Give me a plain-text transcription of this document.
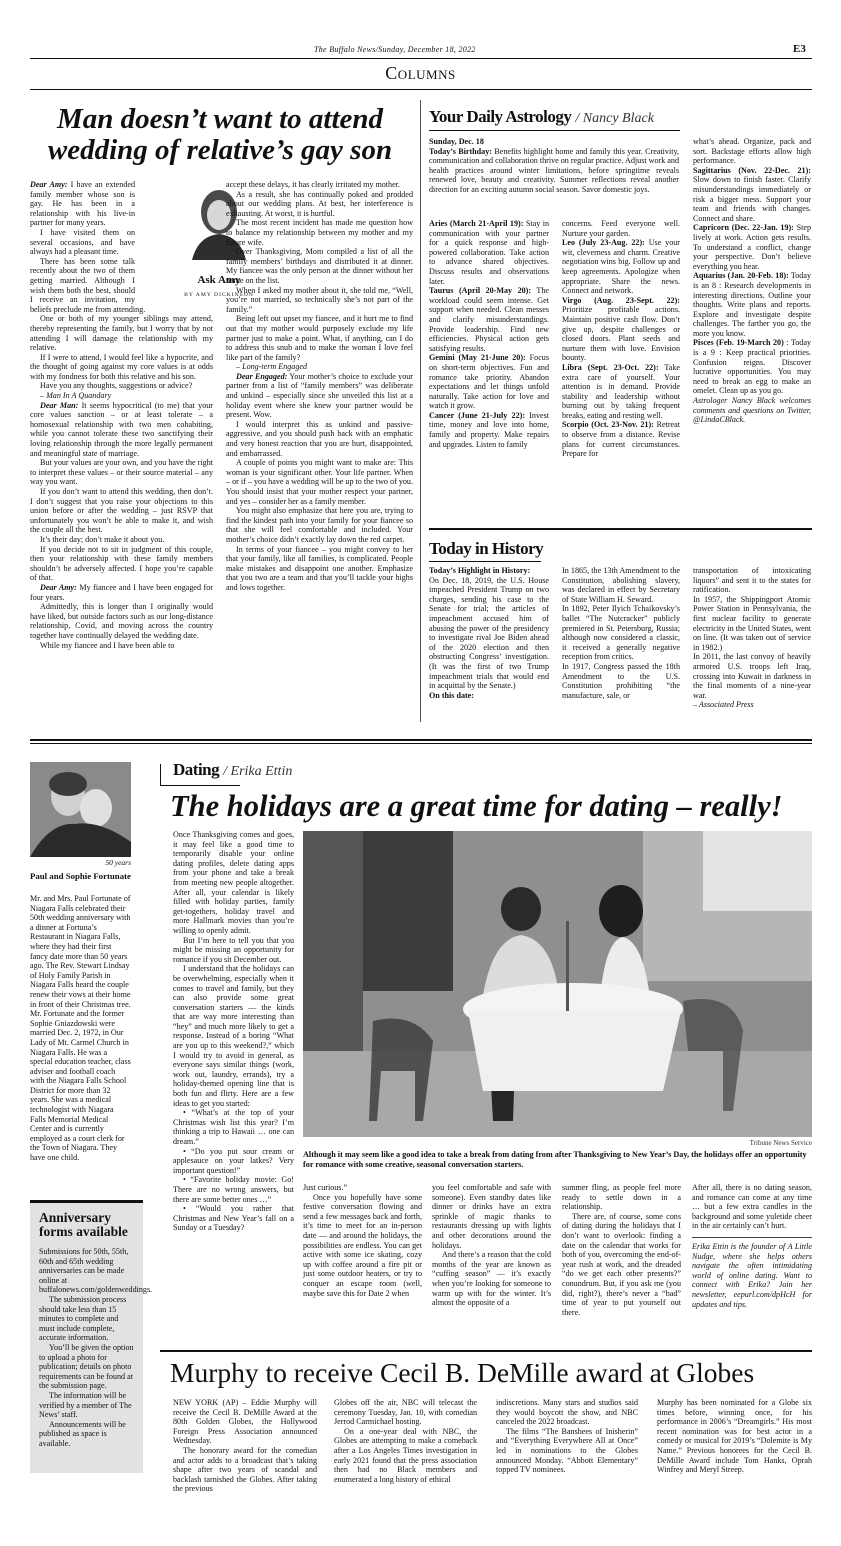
The Buffalo News/Sunday, December 18, 2022	E3
Columns
Man doesn’t want to attend wedding of relative’s gay son

Dear Amy: I have an extended family member whose son is gay. He has been in a relationship with his live-in partner for many years.

I have visited them on several occasions, and have always had a pleasant time.

There has been some talk recently about the two of them getting married. Although I wish them both the best, should I receive an invitation, my beliefs preclude me from attending.

One or both of my younger siblings may attend, thereby representing the family, but I worry that by not attending I will damage the relationship with my relative.

If I were to attend, I would feel like a hypocrite, and the thought of going against my core values is at odds with my fondness for both this relative and his son.

Have you any thoughts, suggestions or advice?

– Man In A Quandary

Dear Man: It seems hypocritical (to me) that your core values sanction – or at least tolerate – a homosexual relationship with two men cohabiting, while you cannot tolerate these two sanctifying their loving relationship through the more legally permanent and meaningful state of marriage.

But your values are your own, and you have the right to interpret these values – or their source material – any way you want.

If you don’t want to attend this wedding, then don’t. I don’t suggest that you raise your objections to this union before or after the wedding – just RSVP that unfortunately you won’t be able to make it, and wish the couple all the best.

It’s their day; don’t make it about you.

If you decide not to sit in judgment of this couple, then your relationship with these family members shouldn’t be adversely affected. I hope you’re capable of that.

Dear Amy: My fiancee and I have been engaged for four years.

Admittedly, this is longer than I originally would have liked, but outside factors such as our long-distance relationship, Covid, and moving across the country together have continually delayed the wedding date.

While my fiancee and I have been able to

Ask Amy
BY AMY DICKINSON

accept these delays, it has clearly irritated my mother.

As a result, she has continually poked and prodded about our wedding plans. At best, her interference is exhausting. At worst, it is hurtful.

The most recent incident has made me question how to balance my relationship between my mother and my future wife.

Over Thanksgiving, Mom compiled a list of all the family members’ birthdays and distributed it at dinner. My fiancee was the only person at the dinner without her name on the list.

When I asked my mother about it, she told me, “Well, you’re not married, so technically she’s not part of the family.”

Being left out upset my fiancee, and it hurt me to find out that my mother would purposely exclude my life partner just to make a point. What, if anything, can I do to address this snub and to make the woman I love feel like part of the family?

– Long-term Engaged

Dear Engaged: Your mother’s choice to exclude your partner from a list of “family members” was deliberate and unkind – especially since she unveiled this list at a holiday event where she knew your partner would be present. Wow.

I would interpret this as unkind and passive-aggressive, and you should push back with an emphatic and very honest reaction that you are hurt, disappointed, and embarrassed.

A couple of points you might want to make are: This woman is your significant other. Your life partner. When – or if – you have a wedding will be up to the two of you. You should insist that your mother respect your partner, and yes – consider her as a family member.

You might also emphasize that here you are, trying to find the kindest path into your family for your fiancee so that she will feel comfortable and included. Your mother’s choice didn’t exactly lay down the red carpet.

In terms of your fiancee – you might convey to her that your family, like all families, is complicated. People make mistakes and disappoint one another. Emphasize that you two are a team and that you’ll tackle your highs and lows together.

Your Daily Astrology / Nancy Black

Sunday, Dec. 18

Today’s Birthday: Benefits highlight home and family this year. Creativity, communication and collaboration thrive on regular practice. Adjust work and health practices around winter limitations, before springtime reveals renewed love, beauty and creativity. Summer reflections reveal another direction for an exciting autumn social season. Savor domestic joys.

Aries (March 21-April 19): Stay in communication with your partner for a quick response and high-powered collaboration. Take action to advance shared objectives. Discuss results and observations later.

Taurus (April 20-May 20): The workload could seem intense. Get support when needed. Clean messes and clarify misunderstandings. Provide leadership. Find new efficiencies. Physical action gets satisfying results.

Gemini (May 21-June 20): Focus on short-term objectives. Fun and romance take priority. Abandon expectations and let things unfold naturally. Take action for love and watch it grow.

Cancer (June 21-July 22): Invest time, money and love into home, family and property. Make repairs and upgrades. Listen to family

concerns. Feed everyone well. Nurture your garden.

Leo (July 23-Aug. 22): Use your wit, cleverness and charm. Creative negotiation wins big. Follow up and keep agreements. Apologize when appropriate. Share the news. Connect and network.

Virgo (Aug. 23-Sept. 22): Prioritize profitable actions. Maintain positive cash flow. Don’t give up, despite challenges or closed doors. Plant seeds and nurture them with love. Envision bounty.

Libra (Sept. 23-Oct. 22): Take extra care of yourself. Your attention is in demand. Provide stability and leadership without burning out by taking frequent breaks, eating and resting well.

Scorpio (Oct. 23-Nov. 21): Retreat to observe from a distance. Revise plans for current circumstances. Prepare for

what’s ahead. Organize, pack and sort. Backstage efforts allow high performance.

Sagittarius (Nov. 22-Dec. 21): Slow down to finish faster. Clarify misunderstandings immediately or risk a bigger mess. Support your team and friends with changes. Connect and share.

Capricorn (Dec. 22-Jan. 19): Step lively at work. Action gets results. To understand a conflict, change your perspective. Don’t believe everything you hear.

Aquarius (Jan. 20-Feb. 18): Today is an 8 : Research developments in interesting directions. Outline your thoughts. Write plans and reports. Explore and investigate despite challenges. The farther you go, the more you know.

Pisces (Feb. 19-March 20) : Today is a 9 : Keep practical priorities. Confusion reigns. Discover lucrative opportunities. You may need to break an egg to make an omelet. Clean up as you go.

Astrologer Nancy Black welcomes comments and questions on Twitter, @LindaCBlack.

Today in History

Today’s Highlight in History:

On Dec. 18, 2019, the U.S. House impeached President Trump on two charges, sending his case to the Senate for trial; the articles of impeachment accused him of abusing the power of the presidency to investigate rival Joe Biden ahead of the 2020 election and then obstructing Congress’ investigation. (It was the first of two Trump impeachment trials that would end in acquittal by the Senate.)

On this date:

In 1865, the 13th Amendment to the Constitution, abolishing slavery, was declared in effect by Secretary of State William H. Seward.

In 1892, Peter Ilyich Tchaikovsky’s ballet “The Nutcracker” publicly premiered in St. Petersburg, Russia; although now considered a classic, it received a generally negative reception from critics.

In 1917, Congress passed the 18th Amendment to the U.S. Constitution prohibiting “the manufacture, sale, or

transportation of intoxicating liquors” and sent it to the states for ratification.

In 1957, the Shippingport Atomic Power Station in Pennsylvania, the first nuclear facility to generate electricity in the United States, went on line. (It was taken out of service in 1982.)

In 2011, the last convoy of heavily armored U.S. troops left Iraq, crossing into Kuwait in darkness in the final moments of a nine-year war.

– Associated Press

50 years
Paul and Sophie Fortunate

Mr. and Mrs. Paul Fortunate of Niagara Falls celebrated their 50th wedding anniversary with a dinner at Fortuna’s Restaurant in Niagara Falls, where they had their first fancy date more than 50 years ago. The Rev. Stewart Lindsay of Holy Family Parish in Niagara Falls heard the couple renew their vows at their home in front of their Christmas tree. Mr. Fortunate and the former Sophie Gniazdowski were married Dec. 2, 1972, in Our Lady of Mt. Carmel Church in Niagara Falls. He was a special education teacher, class adviser and football coach with the Niagara Falls School District for more than 32 years. She was a medical technologist with Niagara Falls Memorial Medical Center and is currently employed as a court clerk for the Town of Niagara. They have one child.

Anniversary forms available

Submissions for 50th, 55th, 60th and 65th wedding anniversaries can be made online at buffalonews.com/goldenweddings.

The submission process should take less than 15 minutes to complete and must include complete, accurate information.

You’ll be given the option to upload a photo for publication; details on photo requirements can be found at the submission page.

The information will be verified by a member of The News’ staff.

Announcements will be published as space is available.

Dating / Erika Ettin
The holidays are a great time for dating – really!

Once Thanksgiving comes and goes, it may feel like a good time to temporarily disable your online dating profiles, delete dating apps from your phone and take a break from meeting new people altogether. After all, your calendar is likely filled with holiday parties, family get-togethers, holiday travel and more Hallmark movies than you’re willing to openly admit.

But I’m here to tell you that you might be missing an opportunity for romance if you sit December out.

I understand that the holidays can be overwhelming, especially when it comes to travel and family, but they can also provide some great conversation starters — the kinds that are way more interesting than “hey” and much more likely to get a response. Instead of a boring “What are you up to this weekend?,” which I would try to avoid in general, as everyone says similar things (work, work out, laundry, errands), try a holiday-themed opening line that is both fun and flirty. Here are a few ideas to get you started:

• “What’s at the top of your Christmas wish list this year? I’m thinking a trip to Hawaii … one can dream.”

• “Do you put sour cream or applesauce on your latkes? Very important question!”

• “Favorite holiday movie: Go! There are no wrong answers, but there are some better ones …”

• “Would you rather that Christmas and New Year’s fall on a Sunday or a Tuesday?

Tribune News Service
Although it may seem like a good idea to take a break from dating from after Thanksgiving to New Year’s Day, the holidays offer an opportunity for romance with some creative, seasonal conversation starters.

Just curious.”

Once you hopefully have some festive conversation flowing and send a few messages back and forth, it’s time to meet for an in-person date — and around the holidays, the possibilities are endless. You can get active with some ice skating, cozy up with coffee around a fire pit or just some outdoor heaters, or try to conquer an escape room (well, maybe save this for Date 2 when

you feel comfortable and safe with someone). Even standby dates like dinner or drinks have an extra sprinkle of magic thanks to restaurants dressing up with lights and other decorations around the holidays.

And there’s a reason that the cold months of the year are known as “cuffing season” — it’s exactly when you’re looking for someone to warm up with for the winter. It’s almost the opposite of a

summer fling, as people feel more ready to settle down in a relationship.

There are, of course, some cons of dating during the holidays that I don’t want to overlook: finding a date on the calendar that works for both of you, overcoming the end-of-year rush at work, and the dreaded “do we get each other presents?” conundrum. But, if you ask me (you did, right?), there’s never a “bad” time of year to put yourself out there.

After all, there is no dating season, and romance can come at any time … but a few extra candles in the background and some yuletide cheer in the air certainly can’t hurt.

Erika Ettin is the founder of A Little Nudge, where she helps others navigate the often intimidating world of online dating. Want to connect with Erika? Join her newsletter, eepurl.com/dpHcH for updates and tips.
Murphy to receive Cecil B. DeMille award at Globes

NEW YORK (AP) – Eddie Murphy will receive the Cecil B. DeMille Award at the 80th Golden Globes, the Hollywood Foreign Press Association announced Wednesday.

The honorary award for the comedian and actor adds to a broadcast that’s taking shape after two years of scandal and backlash tarnished the Globes. After taking the previous

Globes off the air, NBC will telecast the ceremony Tuesday, Jan. 10, with comedian Jerrod Carmichael hosting.

On a one-year deal with NBC, the Globes are attempting to make a comeback after a Los Angeles Times investigation in early 2021 found that the press association then had no Black members and enumerated a long history of ethical

indiscretions. Many stars and studios said they would boycott the show, and NBC canceled the 2022 broadcast.

The films “The Banshees of Inisherin” and “Everything Everywhere All at Once” led in nominations to the Globes announced Monday. “Abbott Elementary” topped TV nominees.

Murphy has been nominated for a Globe six times before, winning once, for his performance in 2006’s “Dreamgirls.” His most recent nomination was for best actor in a comedy or musical for 2019’s “Dolemite is My Name.” Previous honorees for the Cecil B. DeMille Award include Tom Hanks, Oprah Winfrey and Meryl Streep.
